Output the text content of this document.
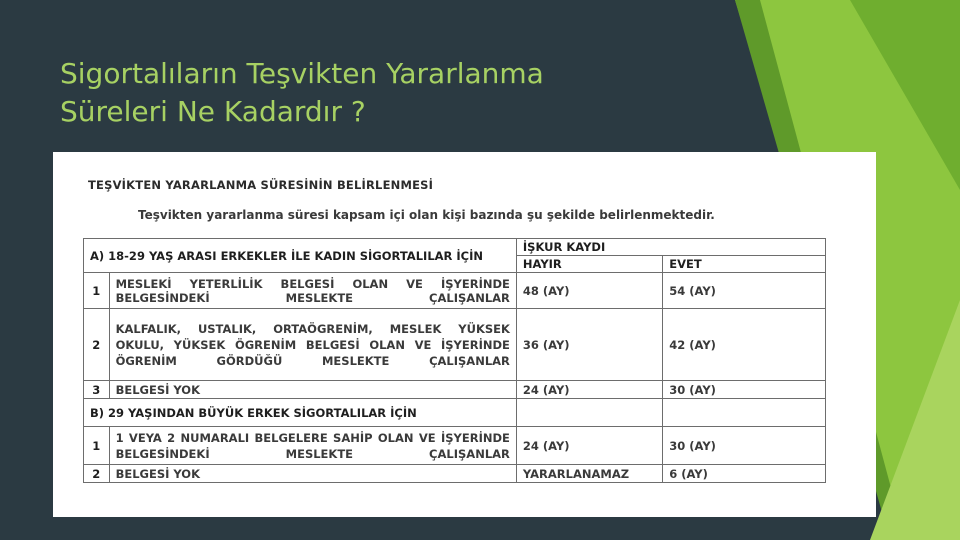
Sigortalıların Teşvikten Yararlanma
Süreleri Ne Kadardır ?
TEŞVİKTEN YARARLANMA SÜRESİNİN BELİRLENMESİ
Teşvikten yararlanma süresi kapsam içi olan kişi bazında şu şekilde belirlenmektedir.
A) 18-29 YAŞ ARASI ERKEKLER İLE KADIN SİGORTALILAR İÇİN		İŞKUR KAYDI	
		HAYIR	EVET
1	MESLEKİ YETERLİLİK BELGESİ OLAN VE İŞYERİNDE BELGESİNDEKİ MESLEKTE ÇALIŞANLAR	48 (AY)	54 (AY)
2	KALFALIK, USTALIK, ORTAÖGRENİM, MESLEK YÜKSEK OKULU, YÜKSEK ÖGRENİM BELGESİ OLAN VE İŞYERİNDE ÖGRENİM GÖRDÜĞÜ MESLEKTE ÇALIŞANLAR	36 (AY)	42 (AY)
3	BELGESİ YOK	24 (AY)	30 (AY)
B) 29 YAŞINDAN BÜYÜK ERKEK SİGORTALILAR İÇİN			
1	1 VEYA 2 NUMARALI BELGELERE SAHİP OLAN VE İŞYERİNDE BELGESİNDEKİ MESLEKTE ÇALIŞANLAR	24 (AY)	30 (AY)
2	BELGESİ YOK	YARARLANAMAZ	6 (AY)
